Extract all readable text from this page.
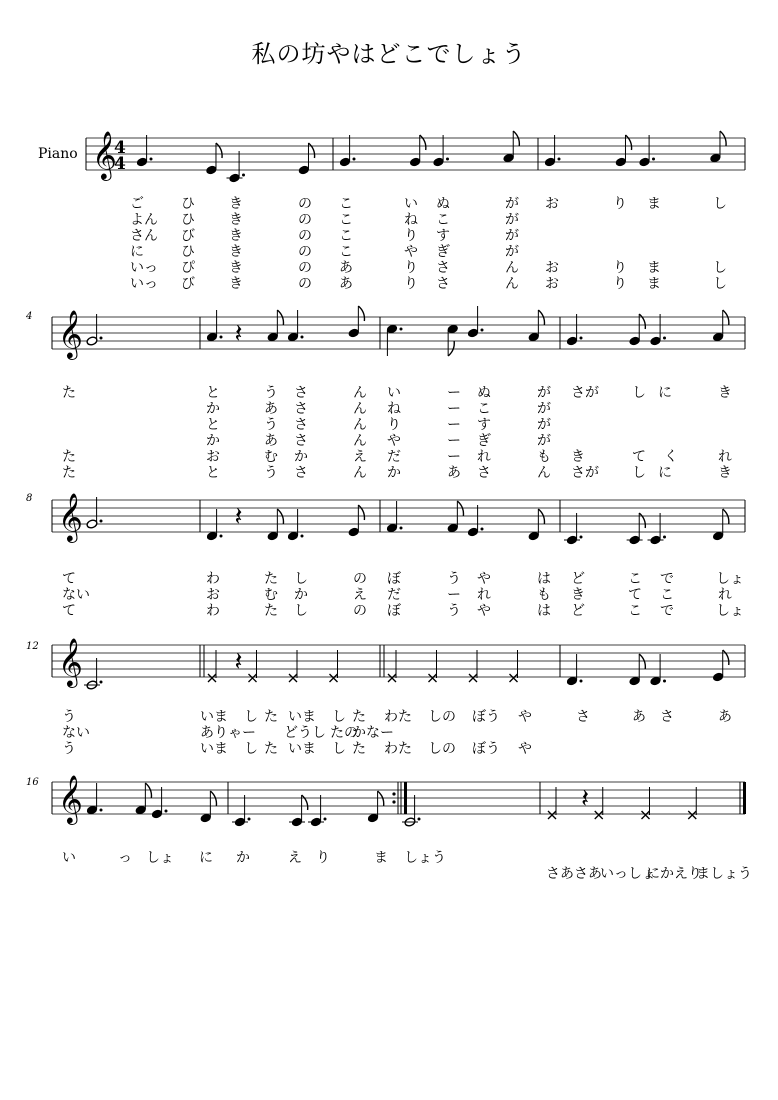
私の坊やはどこでしょう
Piano
4
8
12
16
𝄞
4
4
𝄞
𝄞
𝄞
𝄞
𝄽
𝄽
𝄽
𝄽
ご	ひ き	の こ	い ぬ	が お	り ま	し
よん ひ き	の こ	ね こ	が
さん び き	の こ	り す	が
に	ひ き	の こ	や ぎ	が
いっ ぴ き	の あ	り さ	ん お	り ま	し
いっ び き	の あ	り さ	ん お	り ま	し
た	と	う さ	ん い	ー ぬ	が さ が し に	き
か	あ さ	ん ね	ー こ	が
と	う さ	ん り	ー す	が
か	あ さ	ん や	ー ぎ	が
た	お	む か	え だ	ー れ	も き	て く	れ
た	と	う さ	ん か	あ さ	ん さ が し に	き
て	わ	た し	の ぼ	う や	は ど	こ で	しょ
ない	お	む か	え だ	ー れ	も き	て こ	れ
て	わ	た し	の ぼ	う や	は ど	こ で	しょ
う	いま し た いま し た わた しの ぼう や	さ	あ さ	あ
ない	ありゃー どうし たの
かなー
う	いま し た いま し た わた しの ぼう や
い	っ しょ に か	え り	ま しょう
さあさあ
いっしょ
にかえり
ましょう
